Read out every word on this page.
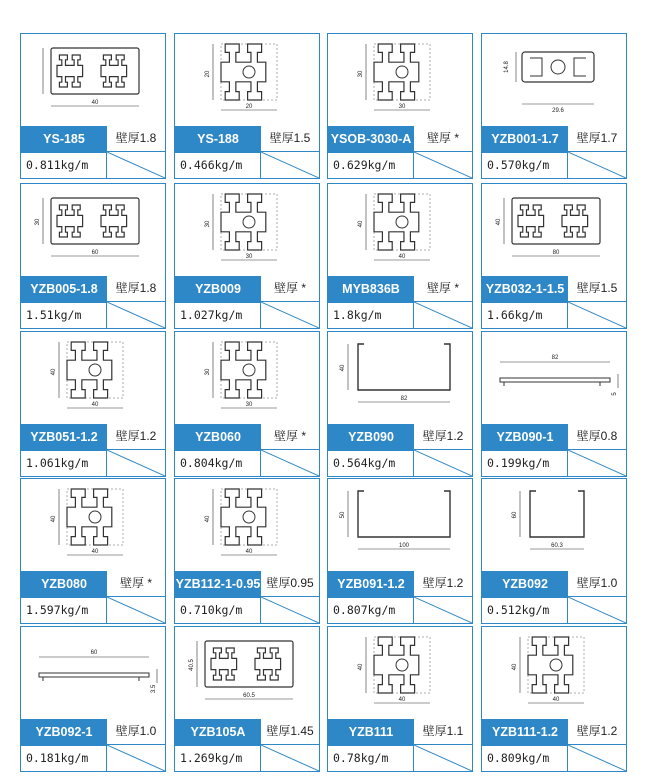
40
YS-185	壁厚1.8
0.811kg/m
20
20
YS-188	壁厚1.5
0.466kg/m
30
30
YSOB-3030-A	壁厚 *
0.629kg/m
29.6
14.8
YZB001-1.7	壁厚1.7
0.570kg/m
60
30
YZB005-1.8	壁厚1.8
1.51kg/m
30
30
YZB009	壁厚 *
1.027kg/m
40
40
MYB836B	壁厚 *
1.8kg/m
80
40
YZB032-1-1.5	壁厚1.5
1.66kg/m
40
40
YZB051-1.2	壁厚1.2
1.061kg/m
30
30
YZB060	壁厚 *
0.804kg/m
82
40
YZB090	壁厚1.2
0.564kg/m
82
5
YZB090-1	壁厚0.8
0.199kg/m
40
40
YZB080	壁厚 *
1.597kg/m
40
40
YZB112-1-0.95 壁厚0.95
0.710kg/m
100
50
YZB091-1.2	壁厚1.2
0.807kg/m
60.3
60
YZB092	壁厚1.0
0.512kg/m
60
3.5
YZB092-1	壁厚1.0
0.181kg/m
60.5
40.5
YZB105A	壁厚1.45
1.269kg/m
40
40
YZB111	壁厚1.1
0.78kg/m
40
40
YZB111-1.2	壁厚1.2
0.809kg/m
